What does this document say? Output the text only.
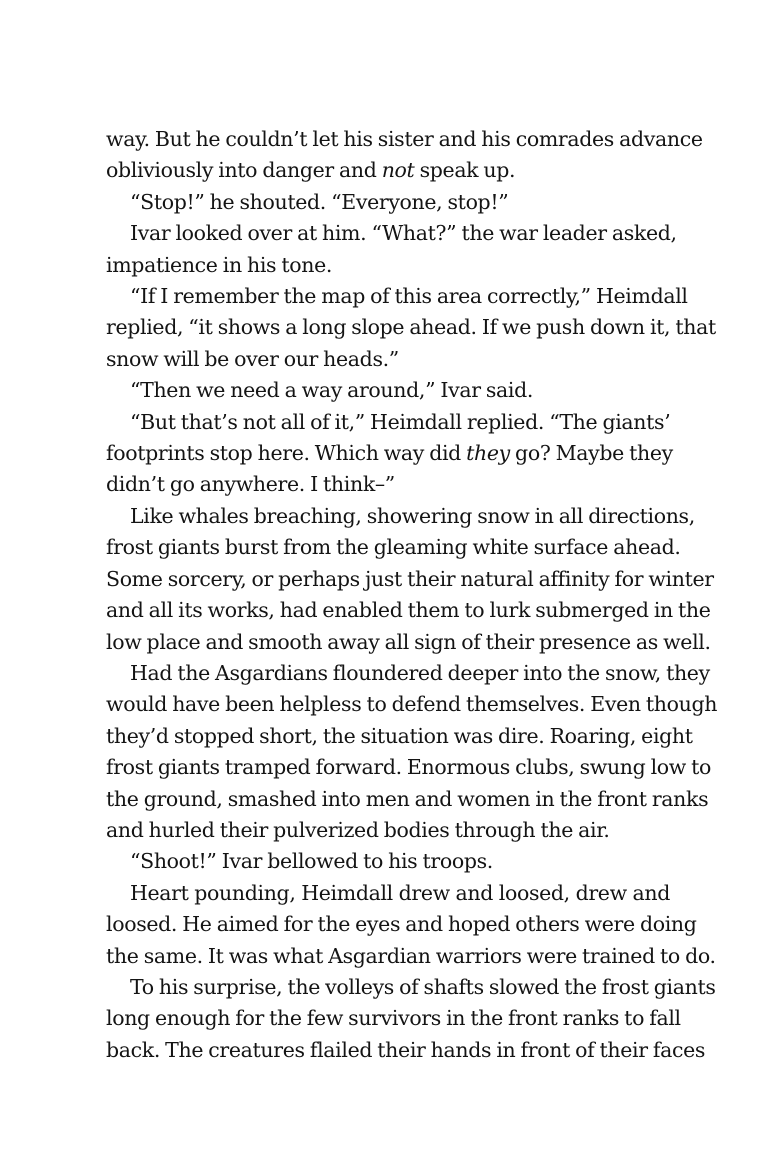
way. But he couldn’t let his sister and his comrades advance
obliviously into danger and not speak up.
“Stop!” he shouted. “Everyone, stop!”
Ivar looked over at him. “What?” the war leader asked,
impatience in his tone.
“If I remember the map of this area correctly,” Heimdall
replied, “it shows a long slope ahead. If we push down it, that
snow will be over our heads.”
“Then we need a way around,” Ivar said.
“But that’s not all of it,” Heimdall replied. “The giants’
footprints stop here. Which way did they go? Maybe they
didn’t go anywhere. I think–”
Like whales breaching, showering snow in all directions,
frost giants burst from the gleaming white surface ahead.
Some sorcery, or perhaps just their natural affinity for winter
and all its works, had enabled them to lurk submerged in the
low place and smooth away all sign of their presence as well.
Had the Asgardians floundered deeper into the snow, they
would have been helpless to defend themselves. Even though
they’d stopped short, the situation was dire. Roaring, eight
frost giants tramped forward. Enormous clubs, swung low to
the ground, smashed into men and women in the front ranks
and hurled their pulverized bodies through the air.
“Shoot!” Ivar bellowed to his troops.
Heart pounding, Heimdall drew and loosed, drew and
loosed. He aimed for the eyes and hoped others were doing
the same. It was what Asgardian warriors were trained to do.
To his surprise, the volleys of shafts slowed the frost giants
long enough for the few survivors in the front ranks to fall
back. The creatures flailed their hands in front of their faces
